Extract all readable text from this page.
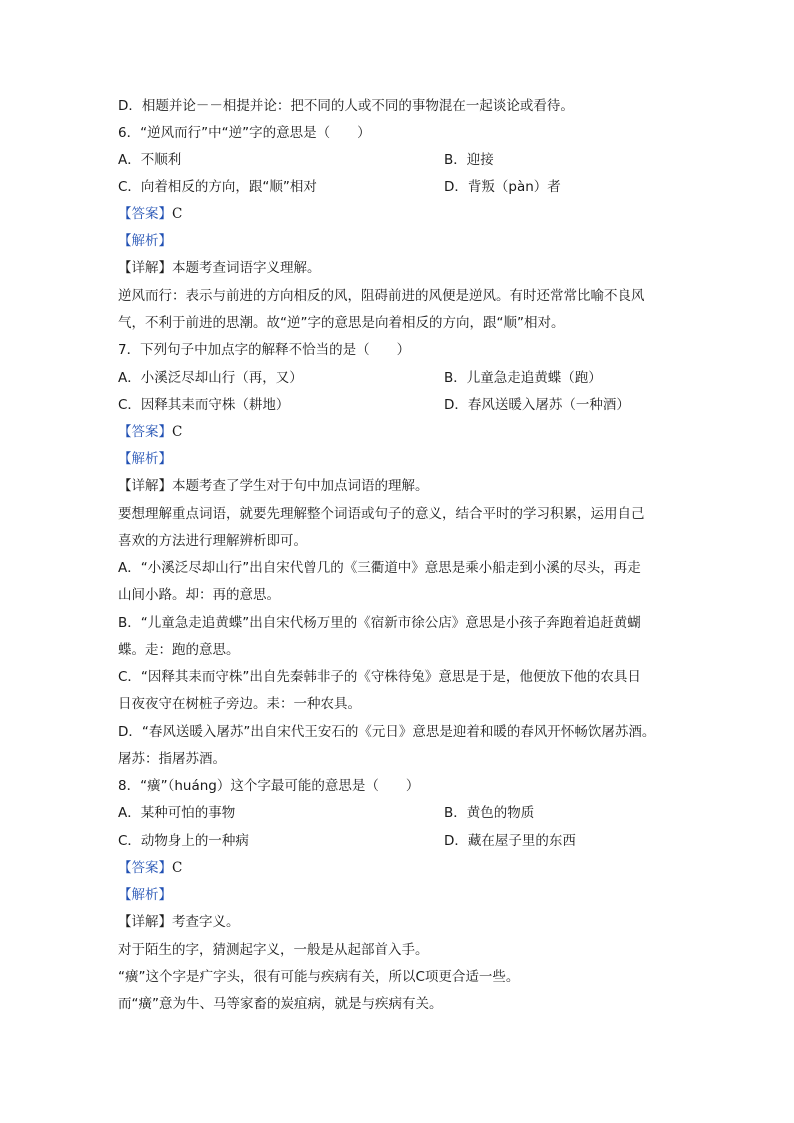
D．相题并论－－相提并论：把不同的人或不同的事物混在一起谈论或看待。
6．“逆风而行”中“逆”字的意思是（　　）
A．不顺利	B．迎接
C．向着相反的方向，跟“顺”相对	D．背叛（pàn）者
【答案】C
【解析】
【详解】本题考查词语字义理解。
逆风而行：表示与前进的方向相反的风，阻碍前进的风便是逆风。有时还常常比喻不良风
气，不利于前进的思潮。故“逆”字的意思是向着相反的方向，跟“顺”相对。
7．下列句子中加点字的解释不恰当的是（　　）
A．小溪泛尽却山行（再，又）	B．儿童急走追黄蝶（跑）
C．因释其耒而守株（耕地）	D．春风送暖入屠苏（一种酒）
【答案】C
【解析】
【详解】本题考查了学生对于句中加点词语的理解。
要想理解重点词语，就要先理解整个词语或句子的意义，结合平时的学习积累，运用自己
喜欢的方法进行理解辨析即可。
A．“小溪泛尽却山行”出自宋代曾几的《三衢道中》意思是乘小船走到小溪的尽头，再走
山间小路。却：再的意思。
B．“儿童急走追黄蝶”出自宋代杨万里的《宿新市徐公店》意思是小孩子奔跑着追赶黄蝴
蝶。走：跑的意思。
C．“因释其耒而守株”出自先秦韩非子的《守株待兔》意思是于是，他便放下他的农具日
日夜夜守在树桩子旁边。耒：一种农具。
D．“春风送暖入屠苏”出自宋代王安石的《元日》意思是迎着和暖的春风开怀畅饮屠苏酒。
屠苏：指屠苏酒。
8．“癀”（huáng）这个字最可能的意思是（　　）
A．某种可怕的事物	B．黄色的物质
C．动物身上的一种病	D．藏在屋子里的东西
【答案】C
【解析】
【详解】考查字义。
对于陌生的字，猜测起字义，一般是从起部首入手。
“癀”这个字是疒字头，很有可能与疾病有关，所以C项更合适一些。
而“癀”意为牛、马等家畜的炭疽病，就是与疾病有关。
